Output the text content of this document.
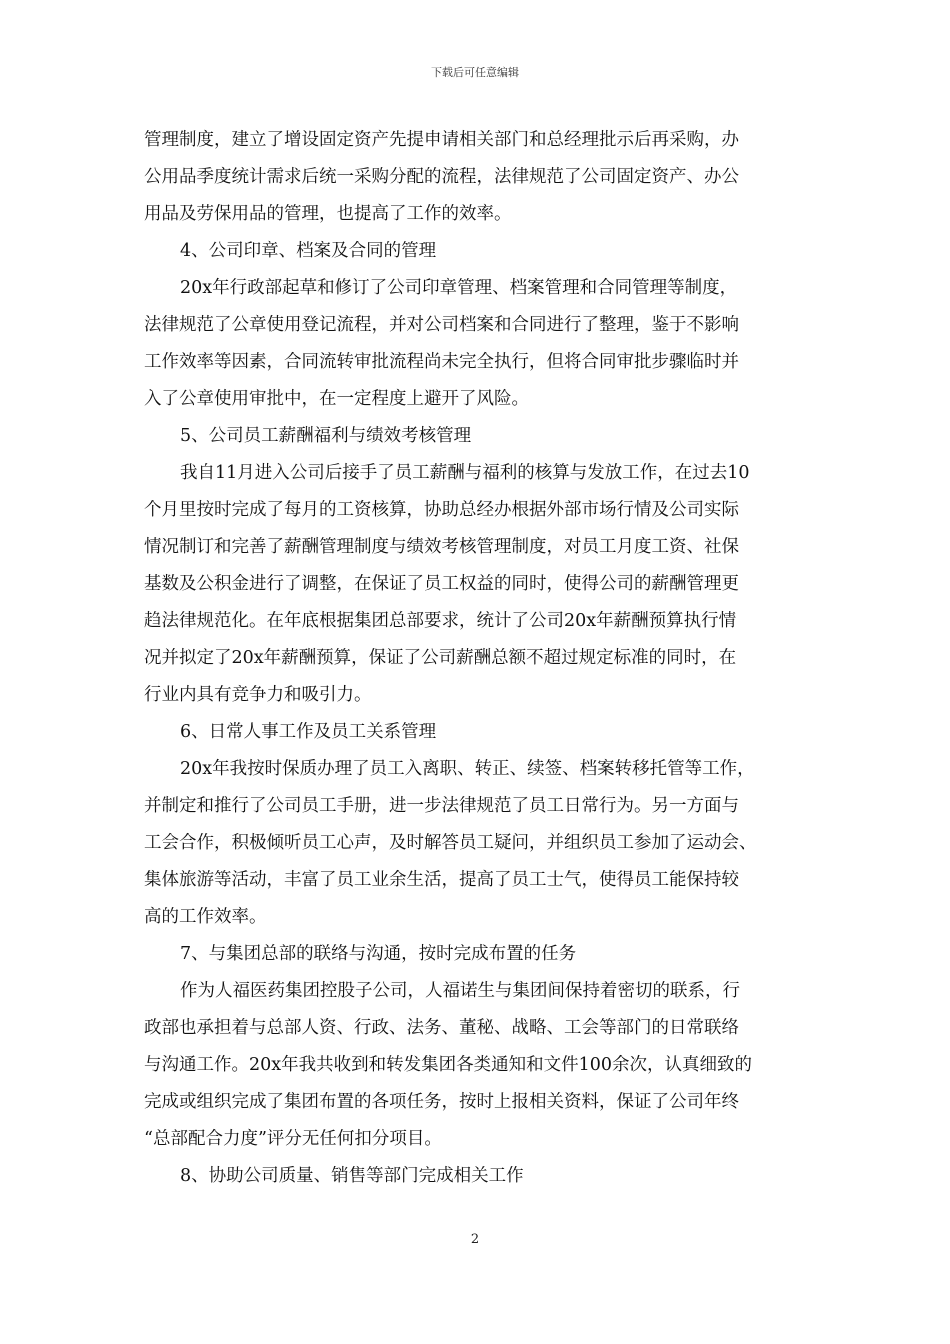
下载后可任意编辑
管理制度，建立了增设固定资产先提申请相关部门和总经理批示后再采购，办
公用品季度统计需求后统一采购分配的流程，法律规范了公司固定资产、办公
用品及劳保用品的管理，也提高了工作的效率。
4、公司印章、档案及合同的管理
20x年行政部起草和修订了公司印章管理、档案管理和合同管理等制度，
法律规范了公章使用登记流程，并对公司档案和合同进行了整理，鉴于不影响
工作效率等因素，合同流转审批流程尚未完全执行，但将合同审批步骤临时并
入了公章使用审批中，在一定程度上避开了风险。
5、公司员工薪酬福利与绩效考核管理
我自11月进入公司后接手了员工薪酬与福利的核算与发放工作，在过去10
个月里按时完成了每月的工资核算，协助总经办根据外部市场行情及公司实际
情况制订和完善了薪酬管理制度与绩效考核管理制度，对员工月度工资、社保
基数及公积金进行了调整，在保证了员工权益的同时，使得公司的薪酬管理更
趋法律规范化。在年底根据集团总部要求，统计了公司20x年薪酬预算执行情
况并拟定了20x年薪酬预算，保证了公司薪酬总额不超过规定标准的同时，在
行业内具有竞争力和吸引力。
6、日常人事工作及员工关系管理
20x年我按时保质办理了员工入离职、转正、续签、档案转移托管等工作，
并制定和推行了公司员工手册，进一步法律规范了员工日常行为。另一方面与
工会合作，积极倾听员工心声，及时解答员工疑问，并组织员工参加了运动会、
集体旅游等活动，丰富了员工业余生活，提高了员工士气，使得员工能保持较
高的工作效率。
7、与集团总部的联络与沟通，按时完成布置的任务
作为人福医药集团控股子公司，人福诺生与集团间保持着密切的联系，行
政部也承担着与总部人资、行政、法务、董秘、战略、工会等部门的日常联络
与沟通工作。20x年我共收到和转发集团各类通知和文件100余次，认真细致的
完成或组织完成了集团布置的各项任务，按时上报相关资料，保证了公司年终
“总部配合力度”评分无任何扣分项目。
8、协助公司质量、销售等部门完成相关工作
2
